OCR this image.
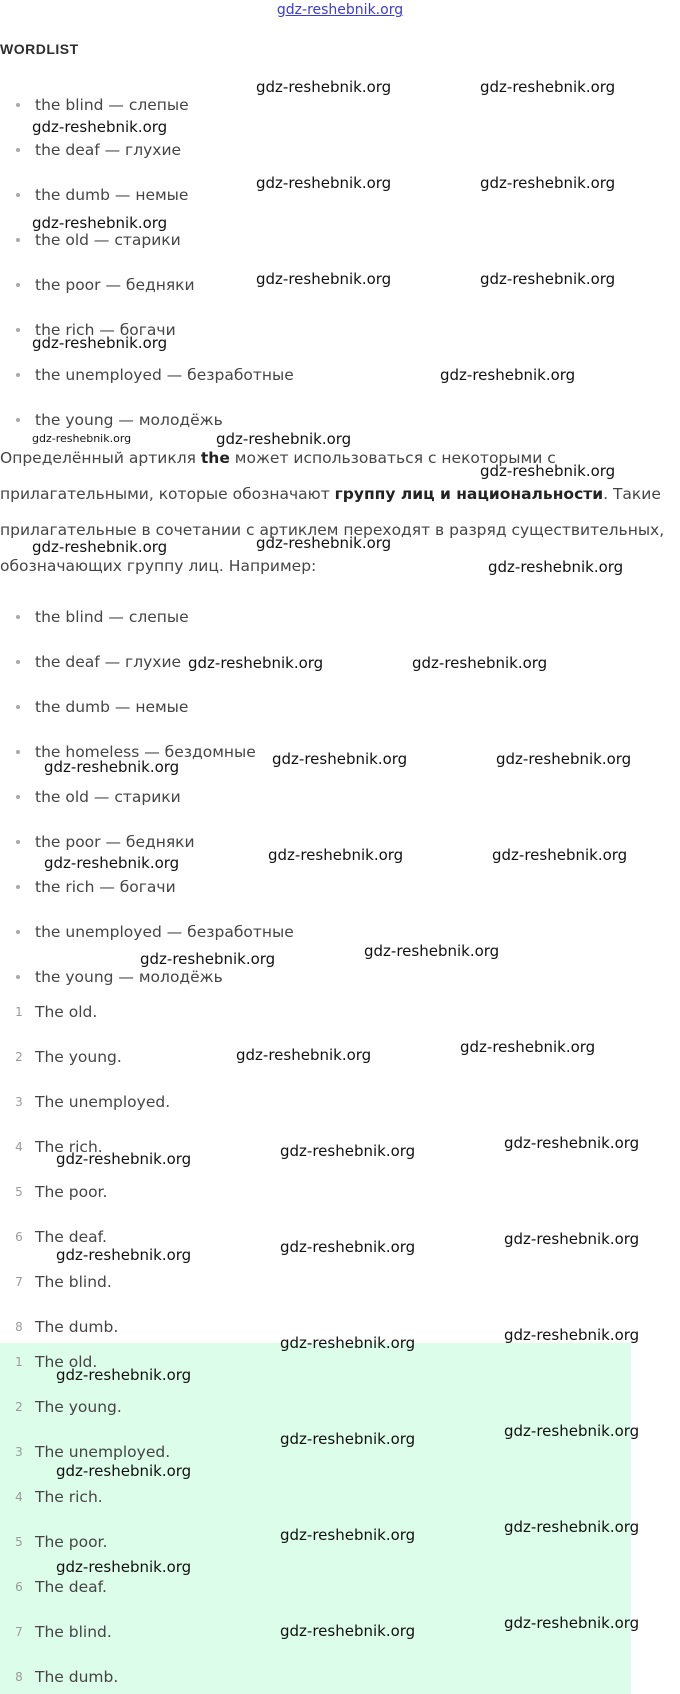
gdz-reshebnik.org
WORDLIST
the blind — слепые
the deaf — глухие
the dumb — немые
the old — старики
the poor — бедняки
the rich — богачи
the unemployed — безработные
the young — молодёжь

Определённый артикля the может использоваться с некоторыми с прилагательными, которые обозначают группу лиц и национальности. Такие прилагательные в сочетании с артиклем переходят в разряд существительных, обозначающих группу лиц. Например:

the blind — слепые
the deaf — глухие
the dumb — немые
the homeless — бездомные
the old — старики
the poor — бедняки
the rich — богачи
the unemployed — безработные
the young — молодёжь
1 The old.
2 The young.
3 The unemployed.
4 The rich.
5 The poor.
6 The deaf.
7 The blind.
8 The dumb.
1 The old.
2 The young.
3 The unemployed.
4 The rich.
5 The poor.
6 The deaf.
7 The blind.
8 The dumb.
gdz-reshebnik.org	gdz-reshebnik.org
gdz-reshebnik.org
gdz-reshebnik.org	gdz-reshebnik.org
gdz-reshebnik.org
gdz-reshebnik.org	gdz-reshebnik.org
gdz-reshebnik.org
gdz-reshebnik.org
gdz-reshebnik.org	gdz-reshebnik.org
gdz-reshebnik.org
gdz-reshebnik.org
gdz-reshebnik.org
gdz-reshebnik.org
gdz-reshebnik.org	gdz-reshebnik.org
gdz-reshebnik.org	gdz-reshebnik.org
gdz-reshebnik.org
gdz-reshebnik.org	gdz-reshebnik.org
gdz-reshebnik.org
gdz-reshebnik.org
gdz-reshebnik.org
gdz-reshebnik.org
gdz-reshebnik.org
gdz-reshebnik.org
gdz-reshebnik.org
gdz-reshebnik.org
gdz-reshebnik.org
gdz-reshebnik.org
gdz-reshebnik.org
gdz-reshebnik.org
gdz-reshebnik.org
gdz-reshebnik.org
gdz-reshebnik.org
gdz-reshebnik.org
gdz-reshebnik.org
gdz-reshebnik.org
gdz-reshebnik.org
gdz-reshebnik.org
gdz-reshebnik.org
gdz-reshebnik.org
